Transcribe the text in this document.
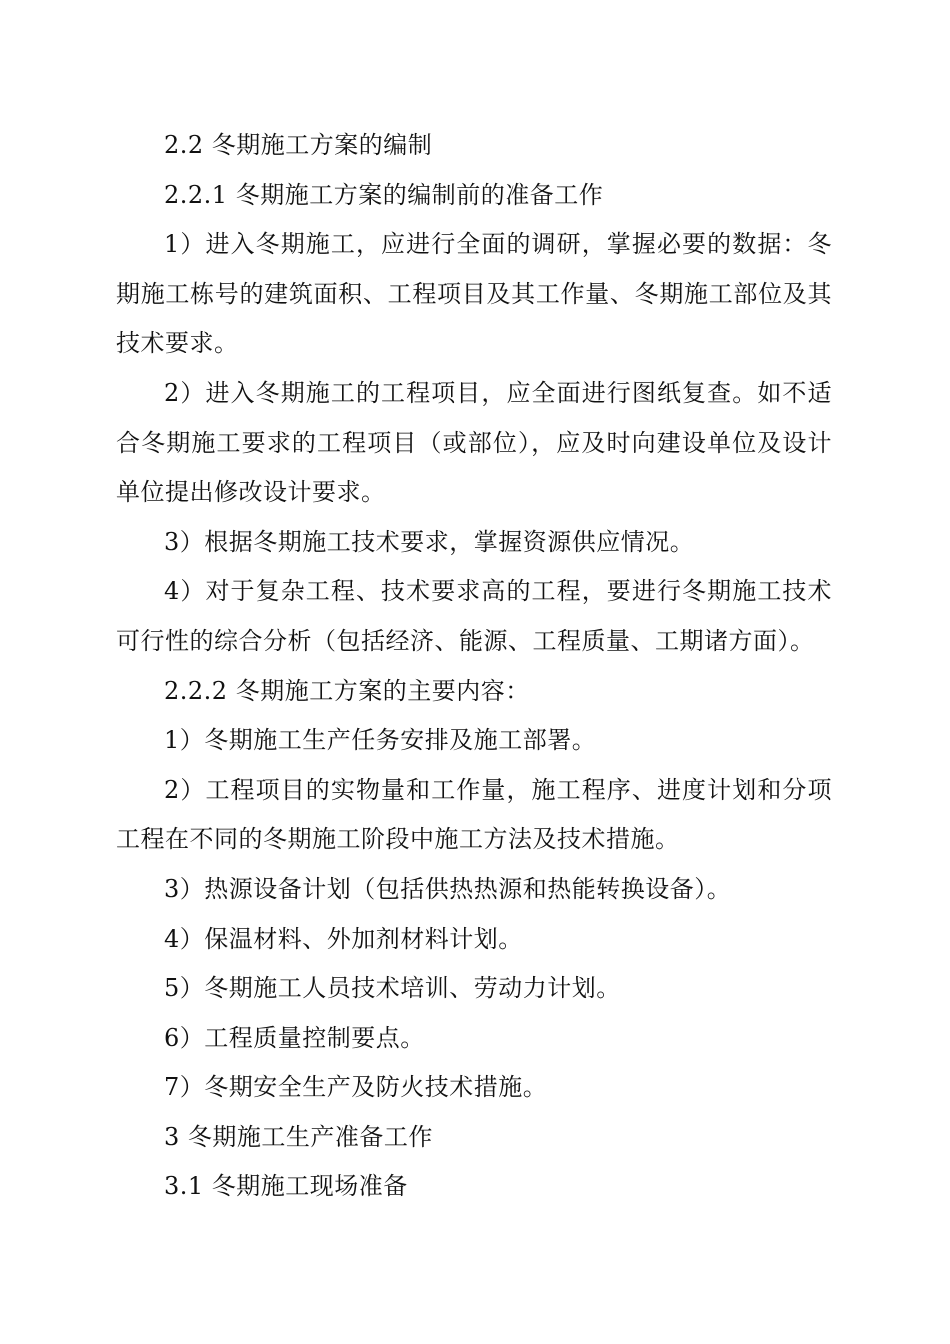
2.2 冬期施工方案的编制

2.2.1 冬期施工方案的编制前的准备工作

1）进入冬期施工，应进行全面的调研，掌握必要的数据：冬期施工栋号的建筑面积、工程项目及其工作量、冬期施工部位及其技术要求。

2）进入冬期施工的工程项目，应全面进行图纸复查。如不适合冬期施工要求的工程项目（或部位），应及时向建设单位及设计单位提出修改设计要求。

3）根据冬期施工技术要求，掌握资源供应情况。

4）对于复杂工程、技术要求高的工程，要进行冬期施工技术可行性的综合分析（包括经济、能源、工程质量、工期诸方面）。

2.2.2 冬期施工方案的主要内容：

1）冬期施工生产任务安排及施工部署。

2）工程项目的实物量和工作量，施工程序、进度计划和分项工程在不同的冬期施工阶段中施工方法及技术措施。

3）热源设备计划（包括供热热源和热能转换设备）。

4）保温材料、外加剂材料计划。

5）冬期施工人员技术培训、劳动力计划。

6）工程质量控制要点。

7）冬期安全生产及防火技术措施。

3 冬期施工生产准备工作

3.1 冬期施工现场准备
